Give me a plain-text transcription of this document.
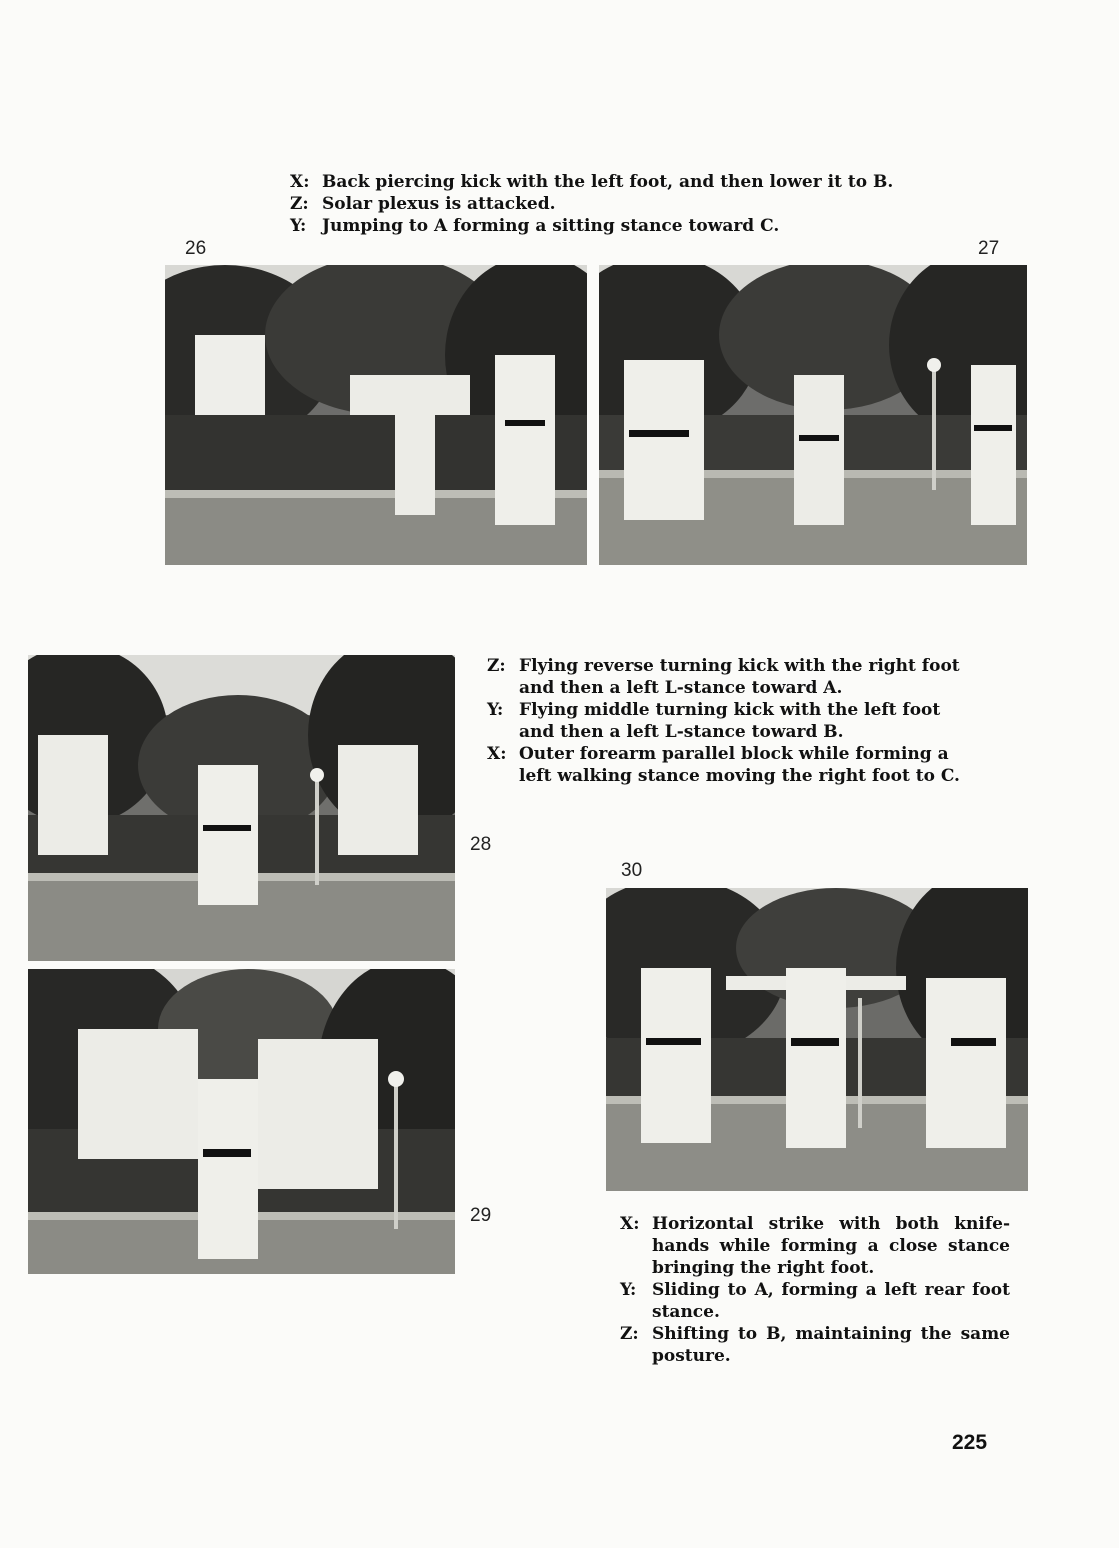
X: Back piercing kick with the left foot, and then lower it to B.
Z: Solar plexus is attacked.
Y: Jumping to A forming a sitting stance toward C.
26	27
28
29
Z: Flying reverse turning kick with the right foot and then a left L-stance toward A.
Y: Flying middle turning kick with the left foot and then a left L-stance toward B.
X: Outer forearm parallel block while forming a left walking stance moving the right foot to C.
30
X: Horizontal strike with both knife-hands while forming a close stance bringing the right foot.
Y: Sliding to A, forming a left rear foot stance.
Z: Shifting to B, maintaining the same posture.
225
